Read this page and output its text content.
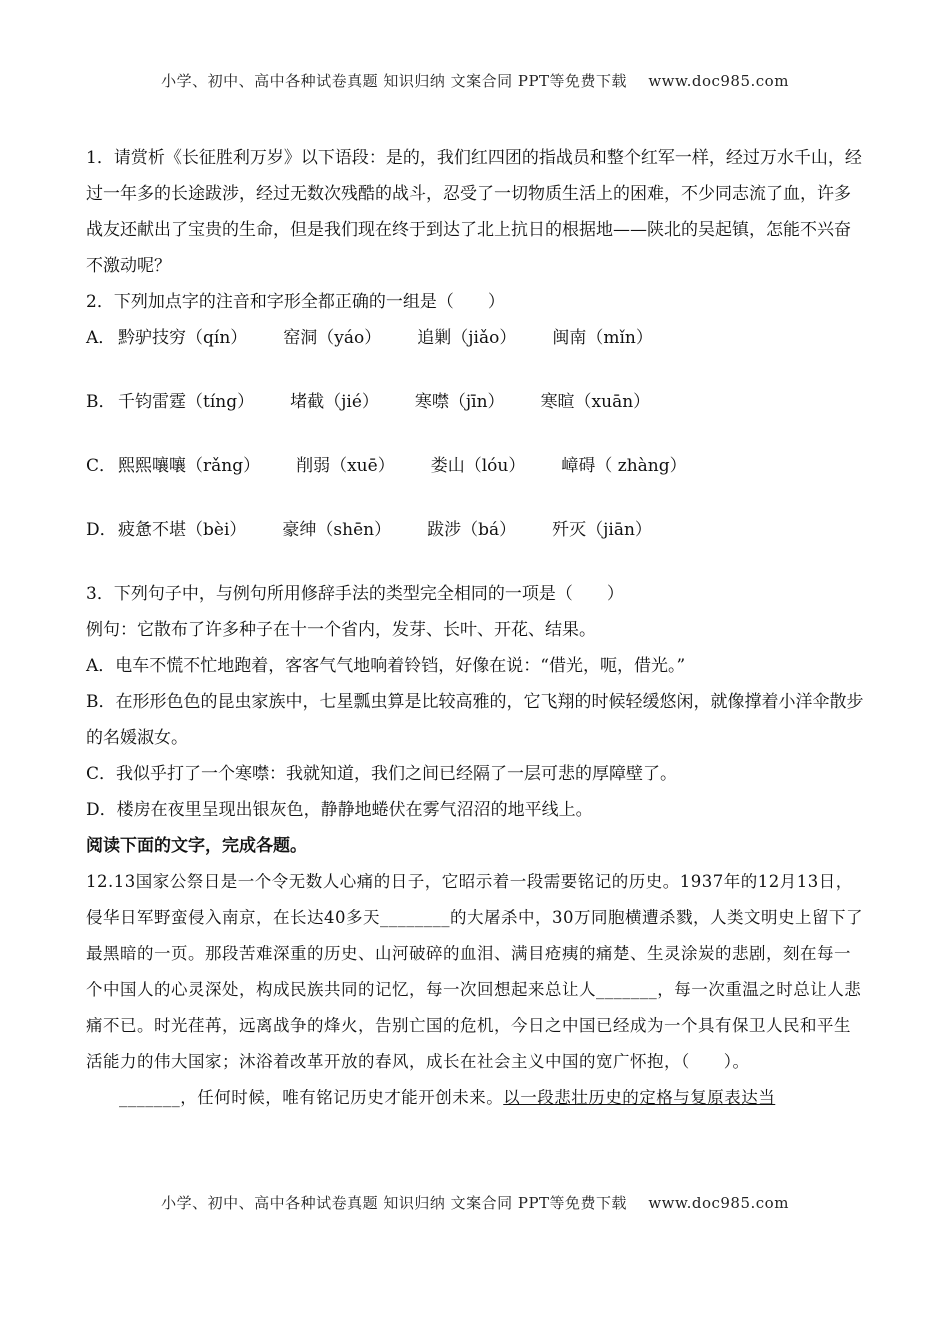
小学、初中、高中各种试卷真题 知识归纳 文案合同 PPT等免费下载 www.doc985.com

1．请赏析《长征胜利万岁》以下语段：是的，我们红四团的指战员和整个红军一样，经过万水千山，经过一年多的长途跋涉，经过无数次残酷的战斗，忍受了一切物质生活上的困难，不少同志流了血，许多战友还献出了宝贵的生命，但是我们现在终于到达了北上抗日的根据地——陕北的吴起镇，怎能不兴奋不激动呢？

2．下列加点字的注音和字形全都正确的一组是（　　）

A． 黔驴技穷（qín） 窑洞（yáo） 追剿（jiǎo） 闽南（mǐn）
B． 千钧雷霆（tíng） 堵截（jié） 寒噤（jīn） 寒暄（xuān）
C． 熙熙嚷嚷（rǎng） 削弱（xuē） 娄山（lóu） 嶂碍（ zhàng）
D． 疲惫不堪（bèi） 豪绅（shēn） 跋涉（bá） 歼灭（jiān）

3．下列句子中，与例句所用修辞手法的类型完全相同的一项是（　　）

例句：它散布了许多种子在十一个省内，发芽、长叶、开花、结果。

A．电车不慌不忙地跑着，客客气气地响着铃铛，好像在说：“借光，呃，借光。”

B．在形形色色的昆虫家族中，七星瓢虫算是比较高雅的，它飞翔的时候轻缓悠闲，就像撑着小洋伞散步的名媛淑女。

C．我似乎打了一个寒噤：我就知道，我们之间已经隔了一层可悲的厚障壁了。

D．楼房在夜里呈现出银灰色，静静地蜷伏在雾气沼沼的地平线上。

阅读下面的文字，完成各题。

12.13国家公祭日是一个令无数人心痛的日子，它昭示着一段需要铭记的历史。1937年的12月13日，侵华日军野蛮侵入南京，在长达40多天________的大屠杀中，30万同胞横遭杀戮，人类文明史上留下了最黑暗的一页。那段苦难深重的历史、山河破碎的血泪、满目疮痍的痛楚、生灵涂炭的悲剧，刻在每一个中国人的心灵深处，构成民族共同的记忆，每一次回想起来总让人_______，每一次重温之时总让人悲痛不已。时光荏苒，远离战争的烽火，告别亡国的危机，今日之中国已经成为一个具有保卫人民和平生活能力的伟大国家；沐浴着改革开放的春风，成长在社会主义中国的宽广怀抱，（　　）。

_______，任何时候，唯有铭记历史才能开创未来。以一段悲壮历史的定格与复原表达当

小学、初中、高中各种试卷真题 知识归纳 文案合同 PPT等免费下载 www.doc985.com
